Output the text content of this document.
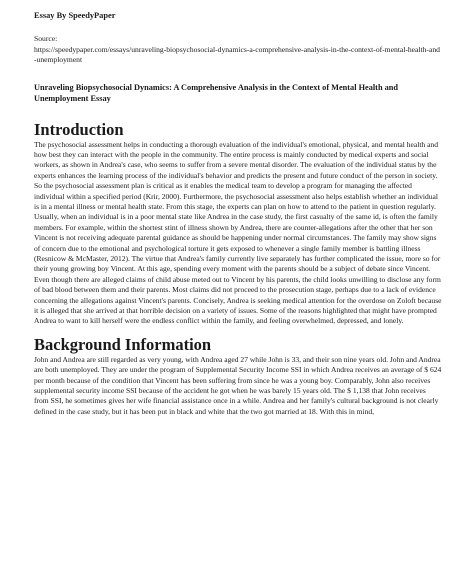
Essay By SpeedyPaper
Source:
https://speedypaper.com/essays/unraveling-biopsychosocial-dynamics-a-comprehensive-analysis-in-the-context-of-mental-health-and-unemployment
Unraveling Biopsychosocial Dynamics: A Comprehensive Analysis in the Context of Mental Health and Unemployment Essay
Introduction

The psychosocial assessment helps in conducting a thorough evaluation of the individual's emotional, physical, and mental health and how best they can interact with the people in the community. The entire process is mainly conducted by medical experts and social workers, as shown in Andrea's case, who seems to suffer from a severe mental disorder. The evaluation of the individual status by the experts enhances the learning process of the individual's behavior and predicts the present and future conduct of the person in society. So the psychosocial assessment plan is critical as it enables the medical team to develop a program for managing the affected individual within a specified period (Krir, 2000). Furthermore, the psychosocial assessment also helps establish whether an individual is in a mental illness or mental health state. From this stage, the experts can plan on how to attend to the patient in question regularly.

Usually, when an individual is in a poor mental state like Andrea in the case study, the first casualty of the same id, is often the family members. For example, within the shortest stint of illness shown by Andrea, there are counter-allegations after the other that her son Vincent is not receiving adequate parental guidance as should be happening under normal circumstances. The family may show signs of concern due to the emotional and psychological torture it gets exposed to whenever a single family member is battling illness (Resnicow & McMaster, 2012). The virtue that Andrea's family currently live separately has further complicated the issue, more so for their young growing boy Vincent. At this age, spending every moment with the parents should be a subject of debate since Vincent. Even though there are alleged claims of child abuse meted out to Vincent by his parents, the child looks unwilling to disclose any form of bad blood between them and their parents. Most claims did not proceed to the prosecution stage, perhaps due to a lack of evidence concerning the allegations against Vincent's parents. Concisely, Andrea is seeking medical attention for the overdose on Zoloft because it is alleged that she arrived at that horrible decision on a variety of issues. Some of the reasons highlighted that might have prompted Andrea to want to kill herself were the endless conflict within the family, and feeling overwhelmed, depressed, and lonely.

Background Information

John and Andrea are still regarded as very young, with Andrea aged 27 while John is 33, and their son nine years old. John and Andrea are both unemployed. They are under the program of Supplemental Security Income SSI in which Andrea receives an average of $ 624 per month because of the condition that Vincent has been suffering from since he was a young boy. Comparably, John also receives supplemental security income SSI because of the accident he got when he was barely 15 years old. The $ 1,138 that John receives from SSI, he sometimes gives her wife financial assistance once in a while. Andrea and her family's cultural background is not clearly defined in the case study, but it has been put in black and white that the two got married at 18. With this in mind,
